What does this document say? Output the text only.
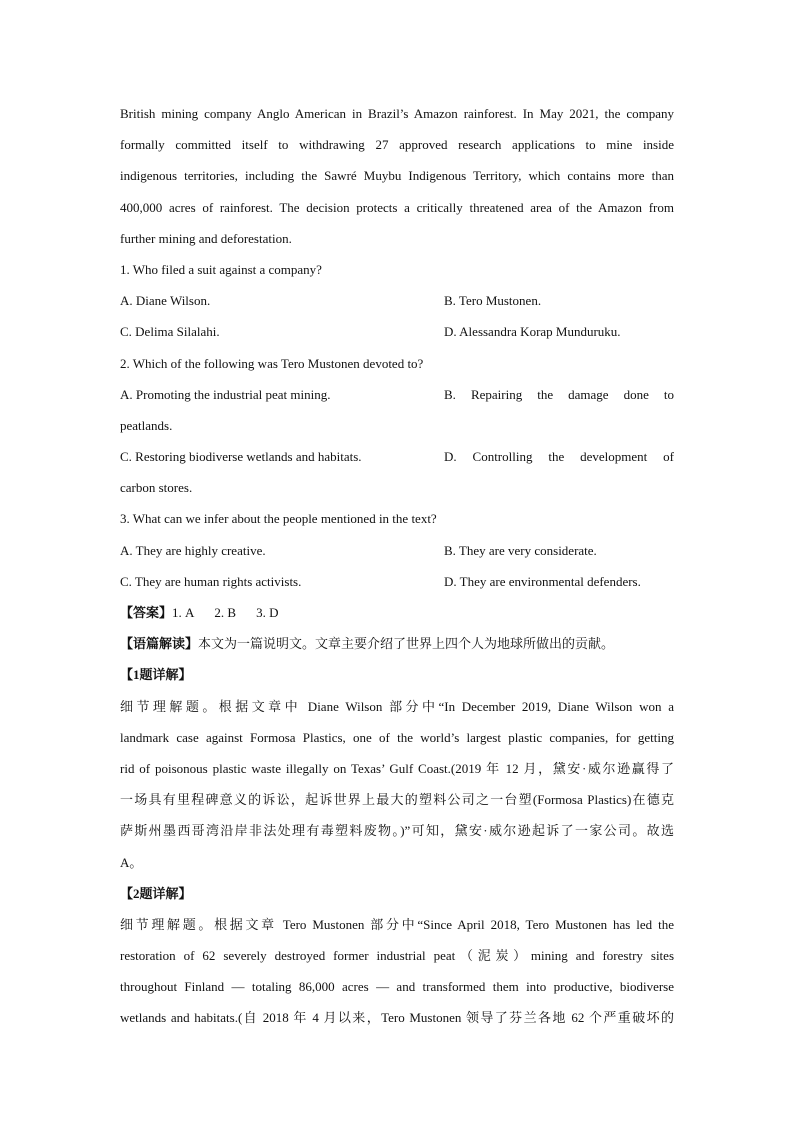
British mining company Anglo American in Brazil’s Amazon rainforest. In May 2021, the company
formally committed itself to withdrawing 27 approved research applications to mine inside
indigenous territories, including the Sawré Muybu Indigenous Territory, which contains more than
400,000 acres of rainforest. The decision protects a critically threatened area of the Amazon from
further mining and deforestation.
1. Who filed a suit against a company?
A. Diane Wilson.	B. Tero Mustonen.
C. Delima Silalahi.	D. Alessandra Korap Munduruku.
2. Which of the following was Tero Mustonen devoted to?
A. Promoting the industrial peat mining.	B. Repairing the damage done to
peatlands.
C. Restoring biodiverse wetlands and habitats.	D. Controlling the development of
carbon stores.
3. What can we infer about the people mentioned in the text?
A. They are highly creative.	B. They are very considerate.
C. They are human rights activists.	D. They are environmental defenders.
【答案】1. A 2. B 3. D
【语篇解读】本文为一篇说明文。文章主要介绍了世界上四个人为地球所做出的贡献。
【1题详解】
细节理解题。根据文章中 Diane Wilson 部分中“In December 2019, Diane Wilson won a
landmark case against Formosa Plastics, one of the world’s largest plastic companies, for getting
rid of poisonous plastic waste illegally on Texas’ Gulf Coast.(2019 年 12 月，黛安·威尔逊赢得了
一场具有里程碑意义的诉讼，起诉世界上最大的塑料公司之一台塑(Formosa Plastics)在德克
萨斯州墨西哥湾沿岸非法处理有毒塑料废物。)”可知，黛安·威尔逊起诉了一家公司。故选
A。
【2题详解】
细节理解题。根据文章 Tero Mustonen 部分中“Since April 2018, Tero Mustonen has led the
restoration of 62 severely destroyed former industrial peat（泥炭）mining and forestry sites
throughout Finland — totaling 86,000 acres — and transformed them into productive, biodiverse
wetlands and habitats.(自 2018 年 4 月以来，Tero Mustonen 领导了芬兰各地 62 个严重破坏的
